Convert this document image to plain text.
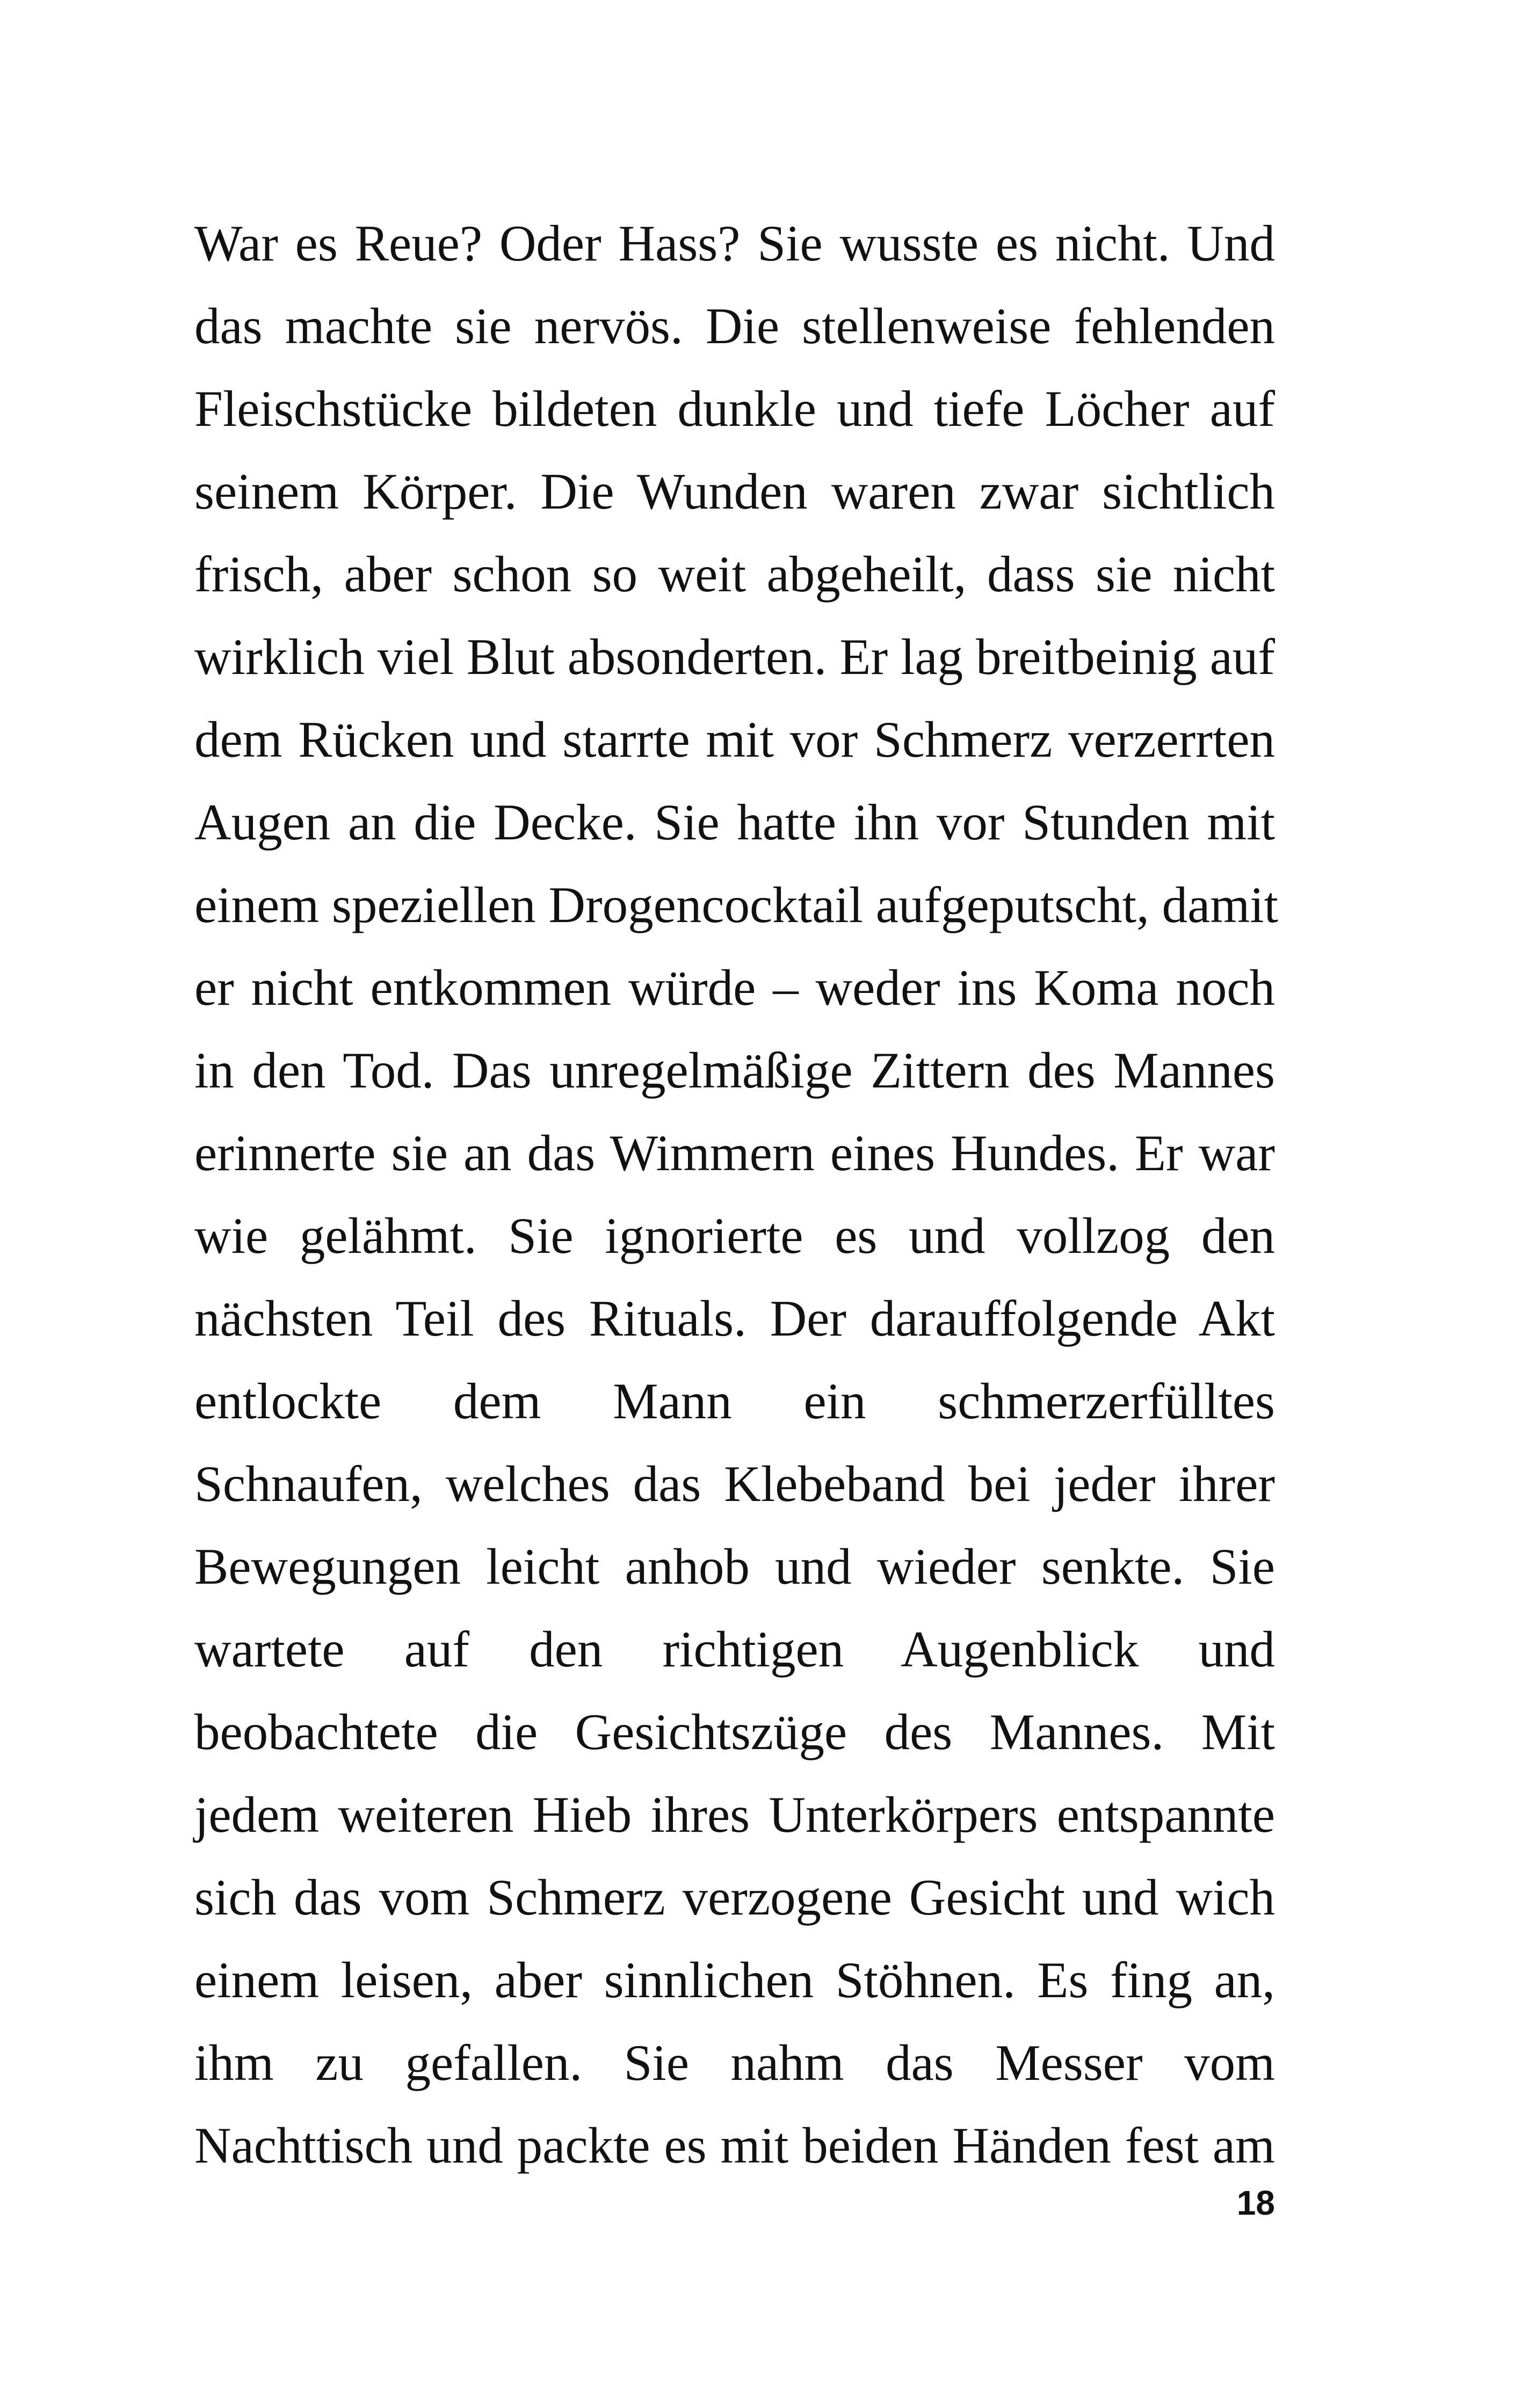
War es Reue? Oder Hass? Sie wusste es nicht. Und
das machte sie nervös. Die stellenweise fehlenden
Fleischstücke bildeten dunkle und tiefe Löcher auf
seinem Körper. Die Wunden waren zwar sichtlich
frisch, aber schon so weit abgeheilt, dass sie nicht
wirklich viel Blut absonderten. Er lag breitbeinig auf
dem Rücken und starrte mit vor Schmerz verzerrten
Augen an die Decke. Sie hatte ihn vor Stunden mit
einem speziellen Drogencocktail aufgeputscht, damit
er nicht entkommen würde – weder ins Koma noch
in den Tod. Das unregelmäßige Zittern des Mannes
erinnerte sie an das Wimmern eines Hundes. Er war
wie gelähmt. Sie ignorierte es und vollzog den
nächsten Teil des Rituals. Der darauffolgende Akt
entlockte dem Mann ein schmerzerfülltes
Schnaufen, welches das Klebeband bei jeder ihrer
Bewegungen leicht anhob und wieder senkte. Sie
wartete auf den richtigen Augenblick und
beobachtete die Gesichtszüge des Mannes. Mit
jedem weiteren Hieb ihres Unterkörpers entspannte
sich das vom Schmerz verzogene Gesicht und wich
einem leisen, aber sinnlichen Stöhnen. Es fing an,
ihm zu gefallen. Sie nahm das Messer vom
Nachttisch und packte es mit beiden Händen fest am
18
